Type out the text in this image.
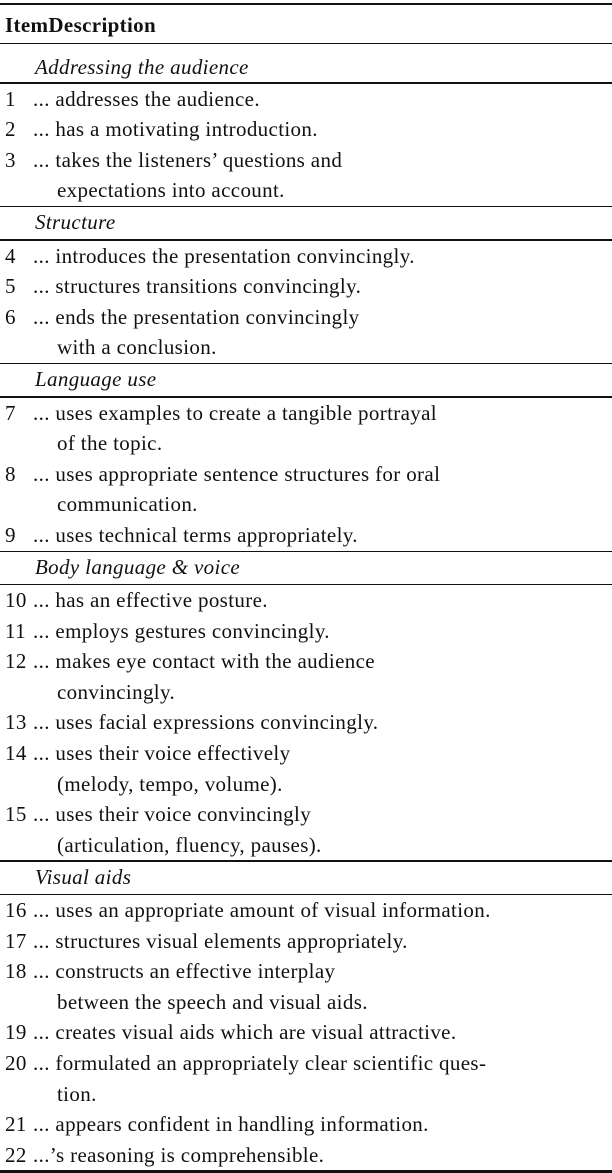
ItemDescription
Addressing the audience
1 ... addresses the audience.
2 ... has a motivating introduction.
3 ... takes the listeners’ questions and
expectations into account.
Structure
4 ... introduces the presentation convincingly.
5 ... structures transitions convincingly.
6 ... ends the presentation convincingly
with a conclusion.
Language use
7 ... uses examples to create a tangible portrayal
of the topic.
8 ... uses appropriate sentence structures for oral
communication.
9 ... uses technical terms appropriately.
Body language & voice
10 ... has an effective posture.
11 ... employs gestures convincingly.
12 ... makes eye contact with the audience
convincingly.
13 ... uses facial expressions convincingly.
14 ... uses their voice effectively
(melody, tempo, volume).
15 ... uses their voice convincingly
(articulation, fluency, pauses).
Visual aids
16 ... uses an appropriate amount of visual information.
17 ... structures visual elements appropriately.
18 ... constructs an effective interplay
between the speech and visual aids.
19 ... creates visual aids which are visual attractive.
20 ... formulated an appropriately clear scientific ques-
tion.
21 ... appears confident in handling information.
22 ...’s reasoning is comprehensible.
